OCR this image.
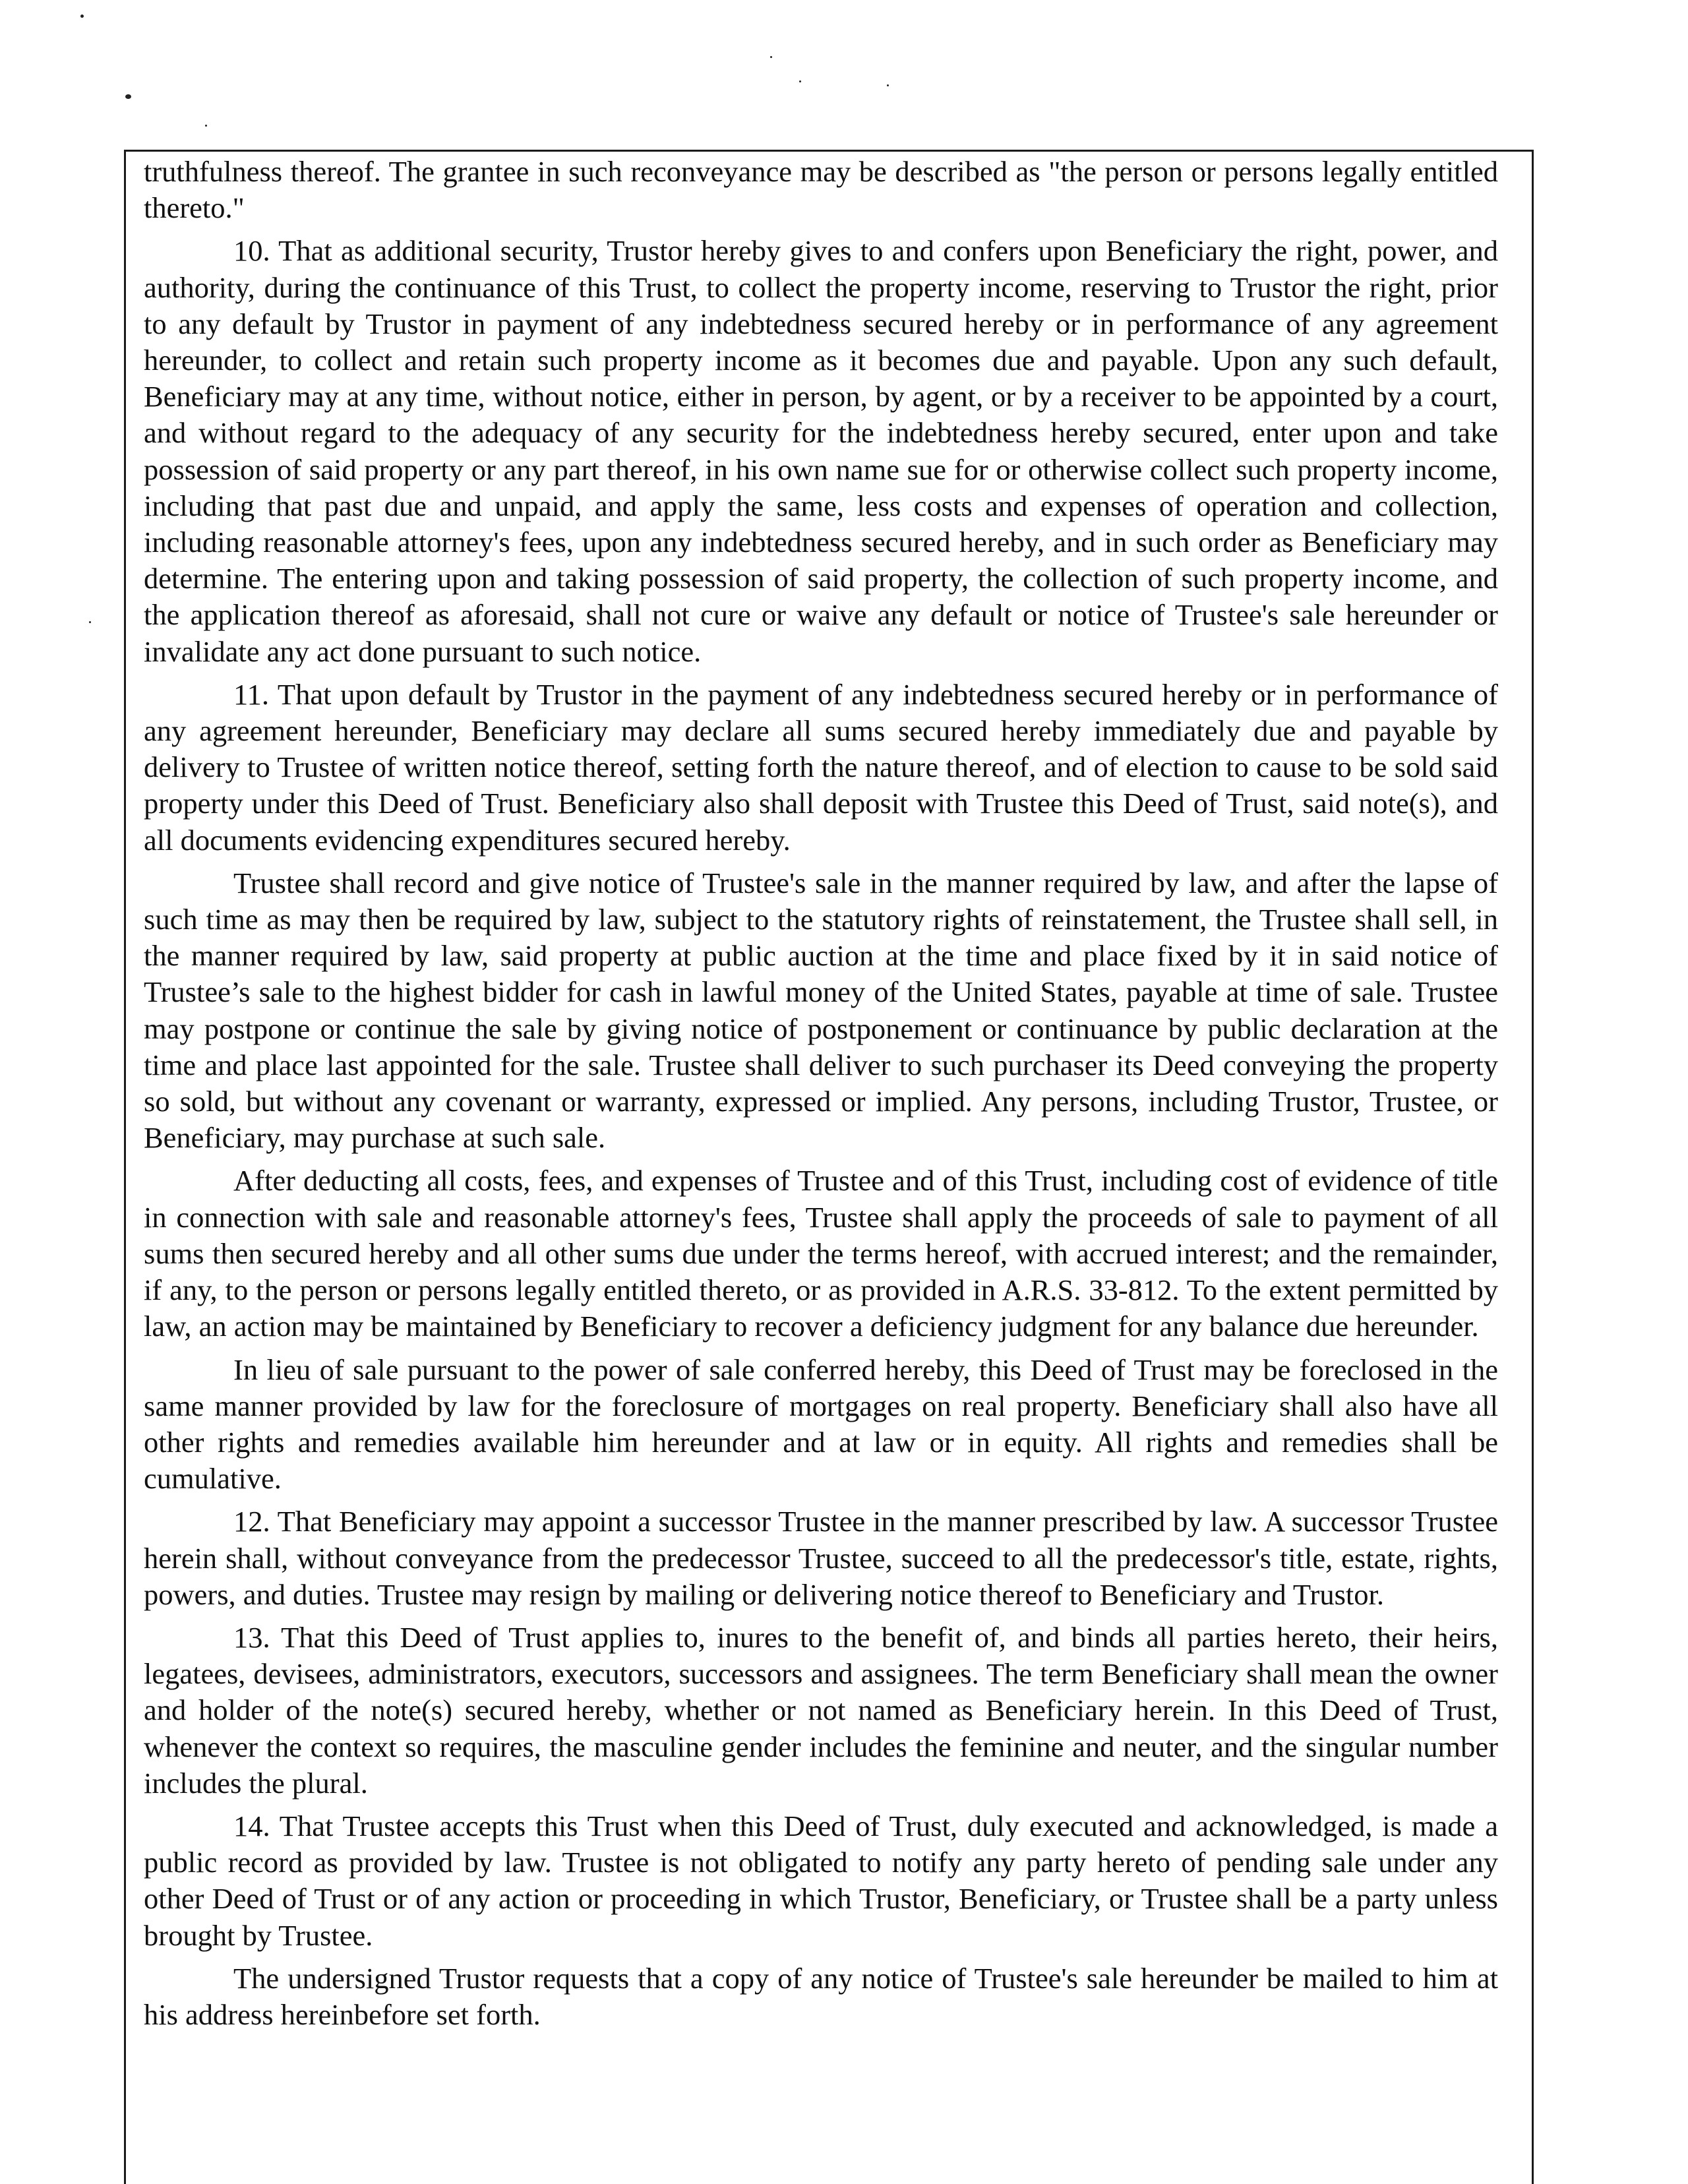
truthfulness thereof. The grantee in such reconveyance may be described as "the person or persons legally entitled thereto."

10. That as additional security, Trustor hereby gives to and confers upon Beneficiary the right, power, and authority, during the continuance of this Trust, to collect the property income, reserving to Trustor the right, prior to any default by Trustor in payment of any indebtedness secured hereby or in performance of any agreement hereunder, to collect and retain such property income as it becomes due and payable. Upon any such default, Beneficiary may at any time, without notice, either in person, by agent, or by a receiver to be appointed by a court, and without regard to the adequacy of any security for the indebtedness hereby secured, enter upon and take possession of said property or any part thereof, in his own name sue for or otherwise collect such property income, including that past due and unpaid, and apply the same, less costs and expenses of operation and collection, including reasonable attorney's fees, upon any indebtedness secured hereby, and in such order as Beneficiary may determine. The entering upon and taking possession of said property, the collection of such property income, and the application thereof as aforesaid, shall not cure or waive any default or notice of Trustee's sale hereunder or invalidate any act done pursuant to such notice.

11. That upon default by Trustor in the payment of any indebtedness secured hereby or in performance of any agreement hereunder, Beneficiary may declare all sums secured hereby immediately due and payable by delivery to Trustee of written notice thereof, setting forth the nature thereof, and of election to cause to be sold said property under this Deed of Trust. Beneficiary also shall deposit with Trustee this Deed of Trust, said note(s), and all documents evidencing expenditures secured hereby.

Trustee shall record and give notice of Trustee's sale in the manner required by law, and after the lapse of such time as may then be required by law, subject to the statutory rights of reinstatement, the Trustee shall sell, in the manner required by law, said property at public auction at the time and place fixed by it in said notice of Trustee’s sale to the highest bidder for cash in lawful money of the United States, payable at time of sale. Trustee may postpone or continue the sale by giving notice of postponement or continuance by public declaration at the time and place last appointed for the sale. Trustee shall deliver to such purchaser its Deed conveying the property so sold, but without any covenant or warranty, expressed or implied. Any persons, including Trustor, Trustee, or Beneficiary, may purchase at such sale.

After deducting all costs, fees, and expenses of Trustee and of this Trust, including cost of evidence of title in connection with sale and reasonable attorney's fees, Trustee shall apply the proceeds of sale to payment of all sums then secured hereby and all other sums due under the terms hereof, with accrued interest; and the remainder, if any, to the person or persons legally entitled thereto, or as provided in A.R.S. 33-812. To the extent permitted by law, an action may be maintained by Beneficiary to recover a deficiency judgment for any balance due hereunder.

In lieu of sale pursuant to the power of sale conferred hereby, this Deed of Trust may be foreclosed in the same manner provided by law for the foreclosure of mortgages on real property. Beneficiary shall also have all other rights and remedies available him hereunder and at law or in equity. All rights and remedies shall be cumulative.

12. That Beneficiary may appoint a successor Trustee in the manner prescribed by law. A successor Trustee herein shall, without conveyance from the predecessor Trustee, succeed to all the predecessor's title, estate, rights, powers, and duties. Trustee may resign by mailing or delivering notice thereof to Beneficiary and Trustor.

13. That this Deed of Trust applies to, inures to the benefit of, and binds all parties hereto, their heirs, legatees, devisees, administrators, executors, successors and assignees. The term Beneficiary shall mean the owner and holder of the note(s) secured hereby, whether or not named as Beneficiary herein. In this Deed of Trust, whenever the context so requires, the masculine gender includes the feminine and neuter, and the singular number includes the plural.

14. That Trustee accepts this Trust when this Deed of Trust, duly executed and acknowledged, is made a public record as provided by law. Trustee is not obligated to notify any party hereto of pending sale under any other Deed of Trust or of any action or proceeding in which Trustor, Beneficiary, or Trustee shall be a party unless brought by Trustee.

The undersigned Trustor requests that a copy of any notice of Trustee's sale hereunder be mailed to him at his address hereinbefore set forth.
